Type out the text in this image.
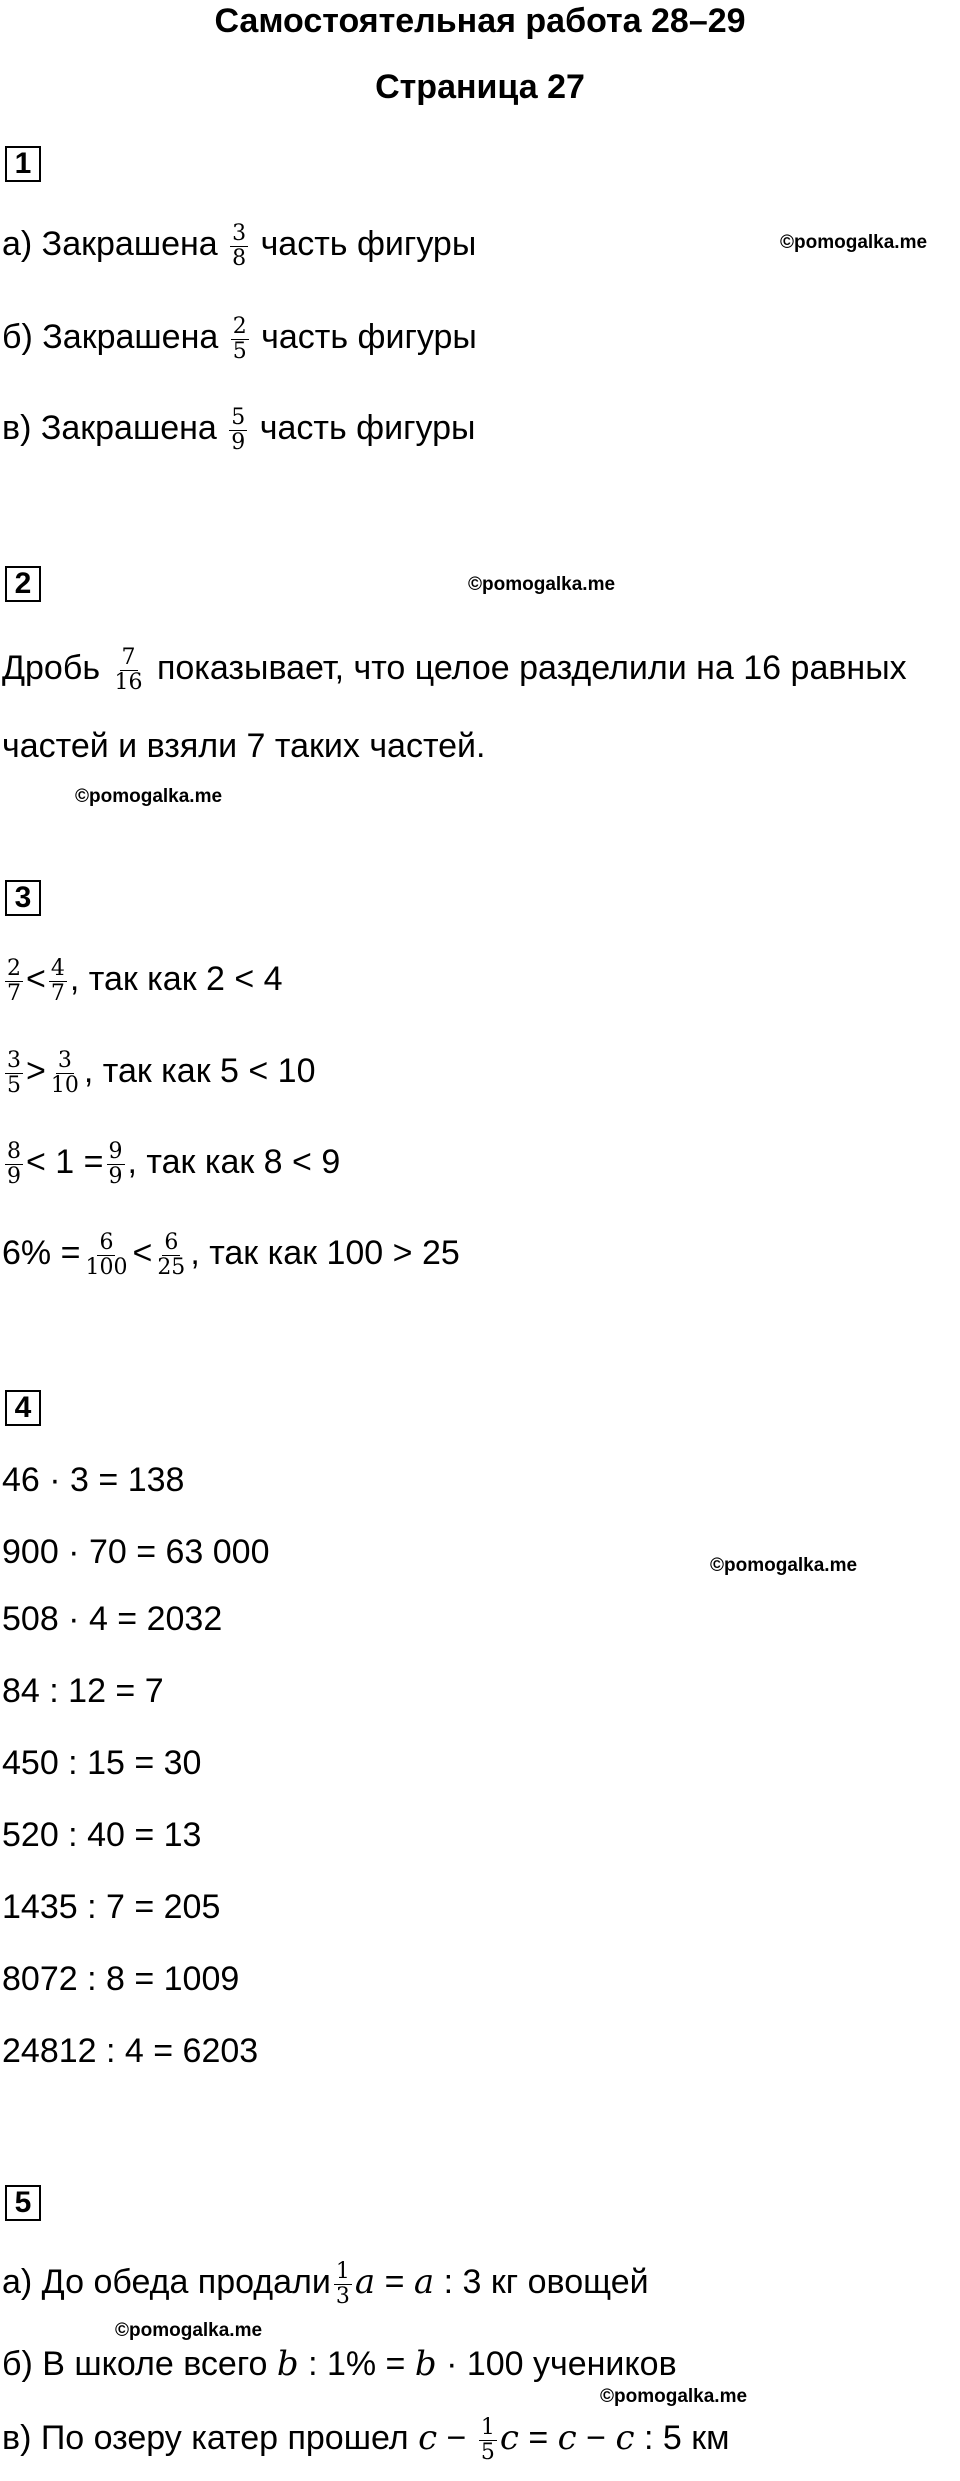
Самостоятельная работа 28–29
Страница 27
1
а) Закрашена $\frac{3}{8}$ часть фигуры
б) Закрашена $\frac{2}{5}$ часть фигуры
в) Закрашена $\frac{5}{9}$ часть фигуры
©pomogalka.me
2	©pomogalka.me
Дробь $\frac{7}{16}$ показывает, что целое разделили на 16 равных
частей и взяли 7 таких частей.
©pomogalka.me
3
$\frac{2}{7} < \frac{4}{7}$ , так как 2 < 4
$\frac{3}{5} > \frac{3}{10}$ , так как 5 < 10
$\frac{8}{9} < 1 = \frac{9}{9}$ , так как 8 < 9
$6\% = \frac{6}{100} < \frac{6}{25}$ , так как 100 > 25
4
46 · 3 = 138
900 · 70 = 63 000
508 · 4 = 2032
84 : 12 = 7
450 : 15 = 30
520 : 40 = 13
1435 : 7 = 205
8072 : 8 = 1009
24812 : 4 = 6203
©pomogalka.me
5
а) До обеда продали $\frac{1}{3}$ a = a : 3 кг овощей
©pomogalka.me
б) В школе всего b : 1% = b · 100 учеников
©pomogalka.me
в) По озеру катер прошел $c - \frac{1}{5}$ c = c − c : 5 км
